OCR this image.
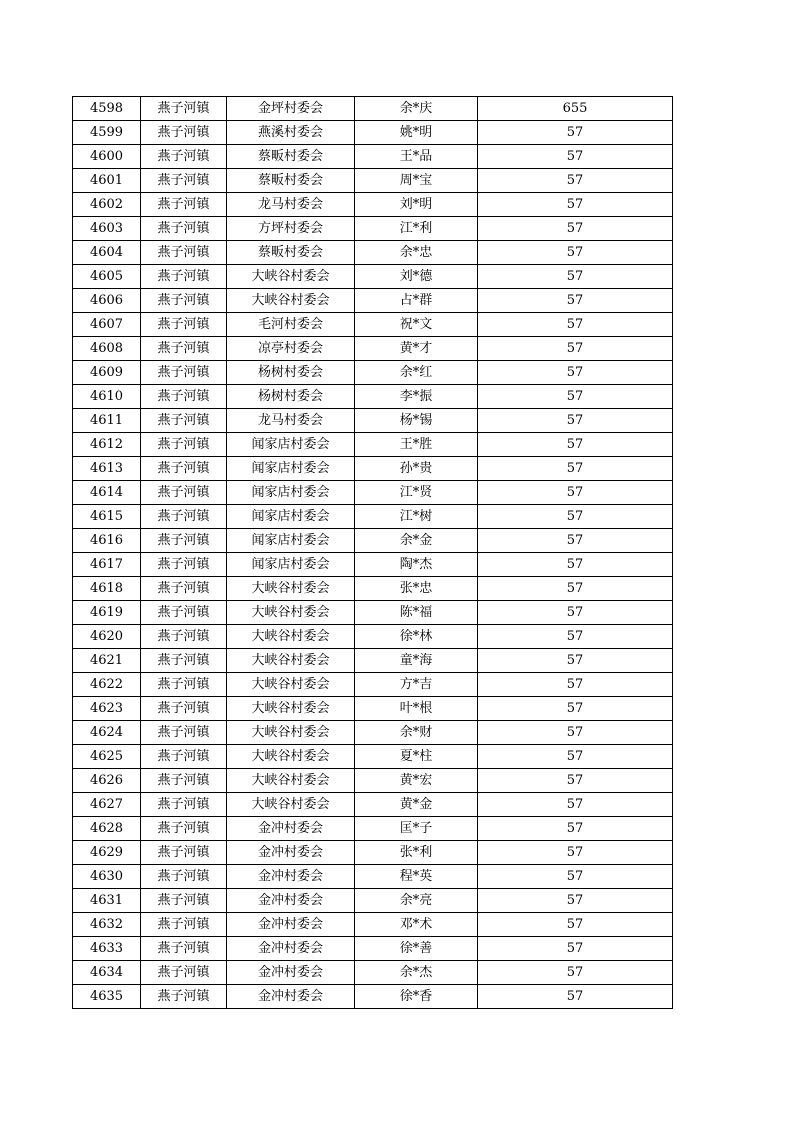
4598	燕子河镇	金坪村委会	余*庆	655
4599	燕子河镇	燕溪村委会	姚*明	57
4600	燕子河镇	蔡畈村委会	王*品	57
4601	燕子河镇	蔡畈村委会	周*宝	57
4602	燕子河镇	龙马村委会	刘*明	57
4603	燕子河镇	方坪村委会	江*利	57
4604	燕子河镇	蔡畈村委会	余*忠	57
4605	燕子河镇	大峡谷村委会	刘*德	57
4606	燕子河镇	大峡谷村委会	占*群	57
4607	燕子河镇	毛河村委会	祝*文	57
4608	燕子河镇	凉亭村委会	黄*才	57
4609	燕子河镇	杨树村委会	余*红	57
4610	燕子河镇	杨树村委会	李*振	57
4611	燕子河镇	龙马村委会	杨*锡	57
4612	燕子河镇	闻家店村委会	王*胜	57
4613	燕子河镇	闻家店村委会	孙*贵	57
4614	燕子河镇	闻家店村委会	江*贤	57
4615	燕子河镇	闻家店村委会	江*树	57
4616	燕子河镇	闻家店村委会	余*金	57
4617	燕子河镇	闻家店村委会	陶*杰	57
4618	燕子河镇	大峡谷村委会	张*忠	57
4619	燕子河镇	大峡谷村委会	陈*福	57
4620	燕子河镇	大峡谷村委会	徐*林	57
4621	燕子河镇	大峡谷村委会	童*海	57
4622	燕子河镇	大峡谷村委会	方*吉	57
4623	燕子河镇	大峡谷村委会	叶*根	57
4624	燕子河镇	大峡谷村委会	余*财	57
4625	燕子河镇	大峡谷村委会	夏*柱	57
4626	燕子河镇	大峡谷村委会	黄*宏	57
4627	燕子河镇	大峡谷村委会	黄*金	57
4628	燕子河镇	金冲村委会	匡*子	57
4629	燕子河镇	金冲村委会	张*利	57
4630	燕子河镇	金冲村委会	程*英	57
4631	燕子河镇	金冲村委会	余*亮	57
4632	燕子河镇	金冲村委会	邓*术	57
4633	燕子河镇	金冲村委会	徐*善	57
4634	燕子河镇	金冲村委会	余*杰	57
4635	燕子河镇	金冲村委会	徐*香	57
